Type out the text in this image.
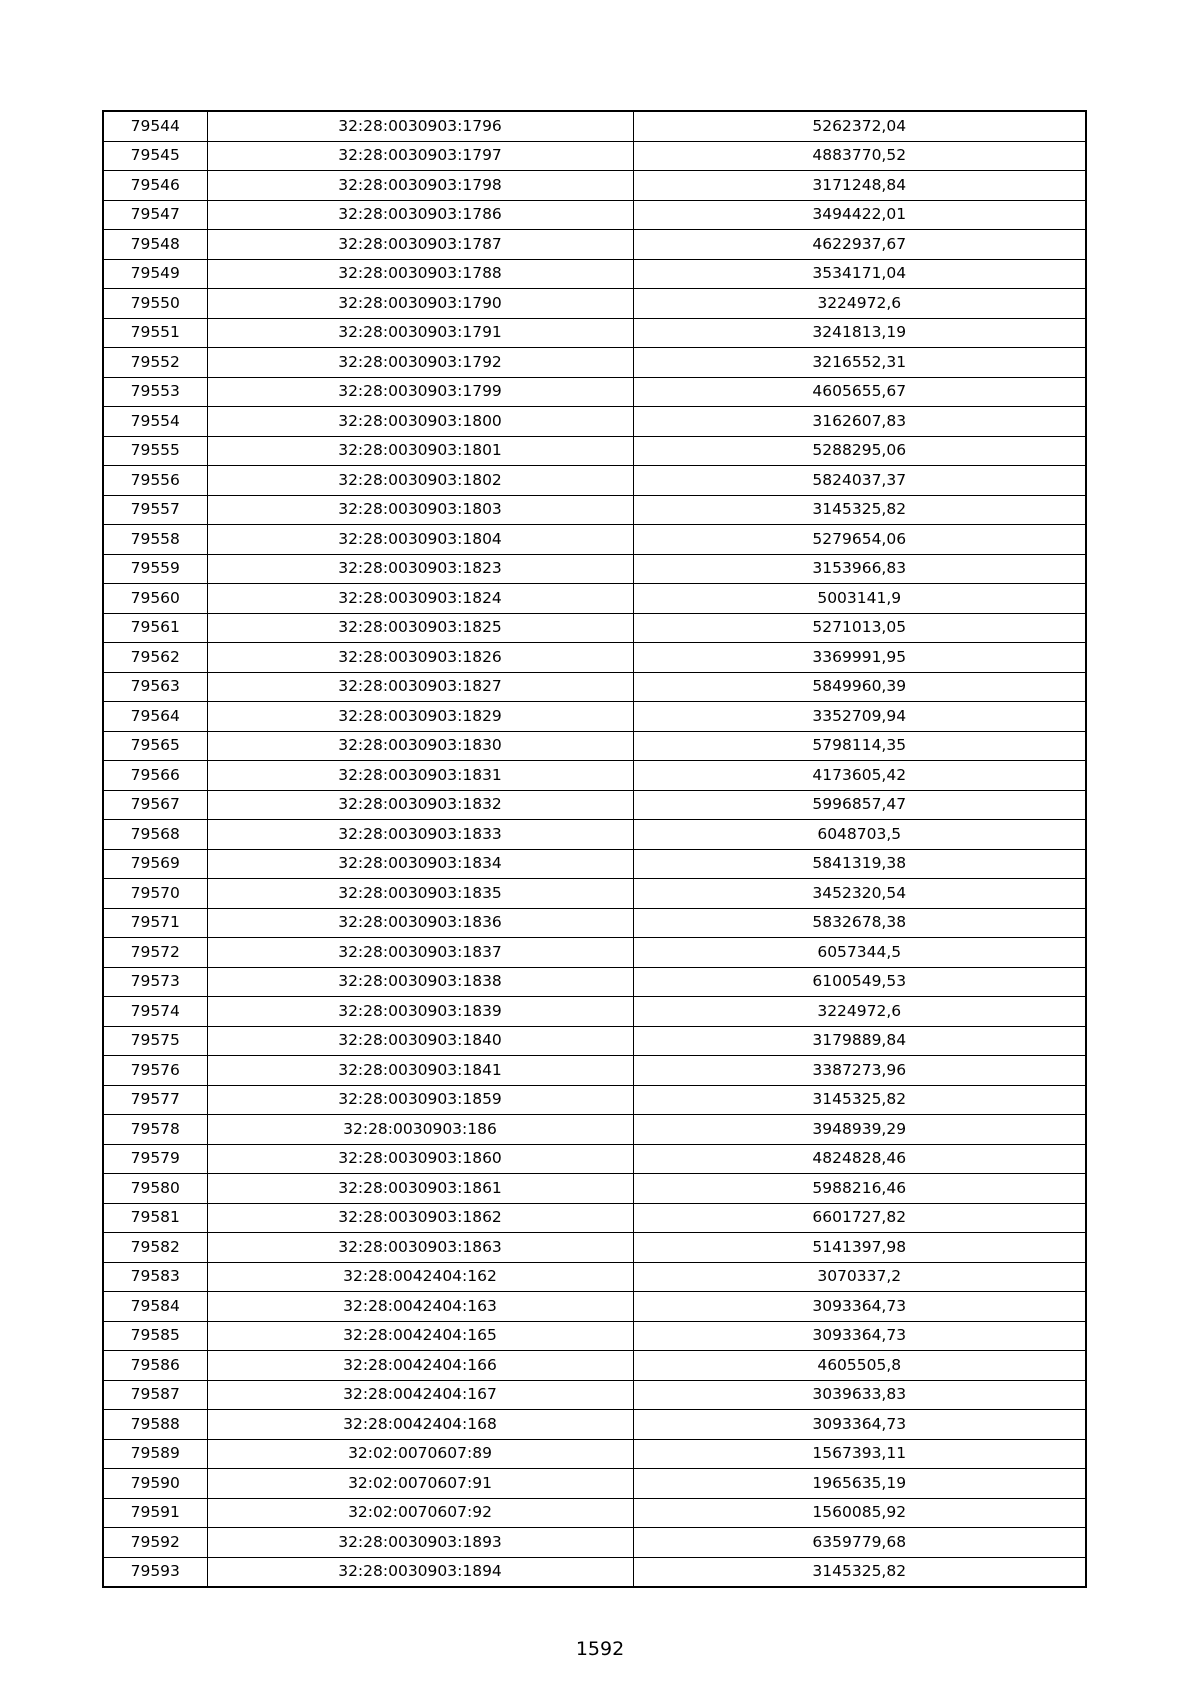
79544	32:28:0030903:1796	5262372,04
79545	32:28:0030903:1797	4883770,52
79546	32:28:0030903:1798	3171248,84
79547	32:28:0030903:1786	3494422,01
79548	32:28:0030903:1787	4622937,67
79549	32:28:0030903:1788	3534171,04
79550	32:28:0030903:1790	3224972,6
79551	32:28:0030903:1791	3241813,19
79552	32:28:0030903:1792	3216552,31
79553	32:28:0030903:1799	4605655,67
79554	32:28:0030903:1800	3162607,83
79555	32:28:0030903:1801	5288295,06
79556	32:28:0030903:1802	5824037,37
79557	32:28:0030903:1803	3145325,82
79558	32:28:0030903:1804	5279654,06
79559	32:28:0030903:1823	3153966,83
79560	32:28:0030903:1824	5003141,9
79561	32:28:0030903:1825	5271013,05
79562	32:28:0030903:1826	3369991,95
79563	32:28:0030903:1827	5849960,39
79564	32:28:0030903:1829	3352709,94
79565	32:28:0030903:1830	5798114,35
79566	32:28:0030903:1831	4173605,42
79567	32:28:0030903:1832	5996857,47
79568	32:28:0030903:1833	6048703,5
79569	32:28:0030903:1834	5841319,38
79570	32:28:0030903:1835	3452320,54
79571	32:28:0030903:1836	5832678,38
79572	32:28:0030903:1837	6057344,5
79573	32:28:0030903:1838	6100549,53
79574	32:28:0030903:1839	3224972,6
79575	32:28:0030903:1840	3179889,84
79576	32:28:0030903:1841	3387273,96
79577	32:28:0030903:1859	3145325,82
79578	32:28:0030903:186	3948939,29
79579	32:28:0030903:1860	4824828,46
79580	32:28:0030903:1861	5988216,46
79581	32:28:0030903:1862	6601727,82
79582	32:28:0030903:1863	5141397,98
79583	32:28:0042404:162	3070337,2
79584	32:28:0042404:163	3093364,73
79585	32:28:0042404:165	3093364,73
79586	32:28:0042404:166	4605505,8
79587	32:28:0042404:167	3039633,83
79588	32:28:0042404:168	3093364,73
79589	32:02:0070607:89	1567393,11
79590	32:02:0070607:91	1965635,19
79591	32:02:0070607:92	1560085,92
79592	32:28:0030903:1893	6359779,68
79593	32:28:0030903:1894	3145325,82
1592
